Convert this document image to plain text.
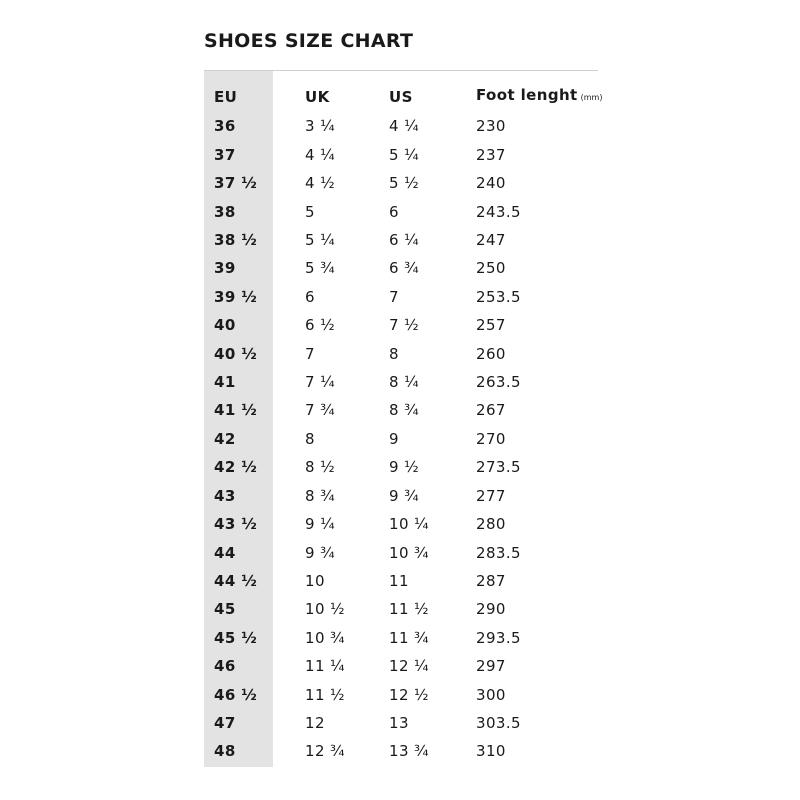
SHOES SIZE CHART
EU	UK	US	Foot lenght (mm)
36	3 ¼	4 ¼	230
37	4 ¼	5 ¼	237
37 ½	4 ½	5 ½	240
38	5	6	243.5
38 ½	5 ¼	6 ¼	247
39	5 ¾	6 ¾	250
39 ½	6	7	253.5
40	6 ½	7 ½	257
40 ½	7	8	260
41	7 ¼	8 ¼	263.5
41 ½	7 ¾	8 ¾	267
42	8	9	270
42 ½	8 ½	9 ½	273.5
43	8 ¾	9 ¾	277
43 ½	9 ¼	10 ¼	280
44	9 ¾	10 ¾	283.5
44 ½	10	11	287
45	10 ½	11 ½	290
45 ½	10 ¾	11 ¾	293.5
46	11 ¼	12 ¼	297
46 ½	11 ½	12 ½	300
47	12	13	303.5
48	12 ¾	13 ¾	310
